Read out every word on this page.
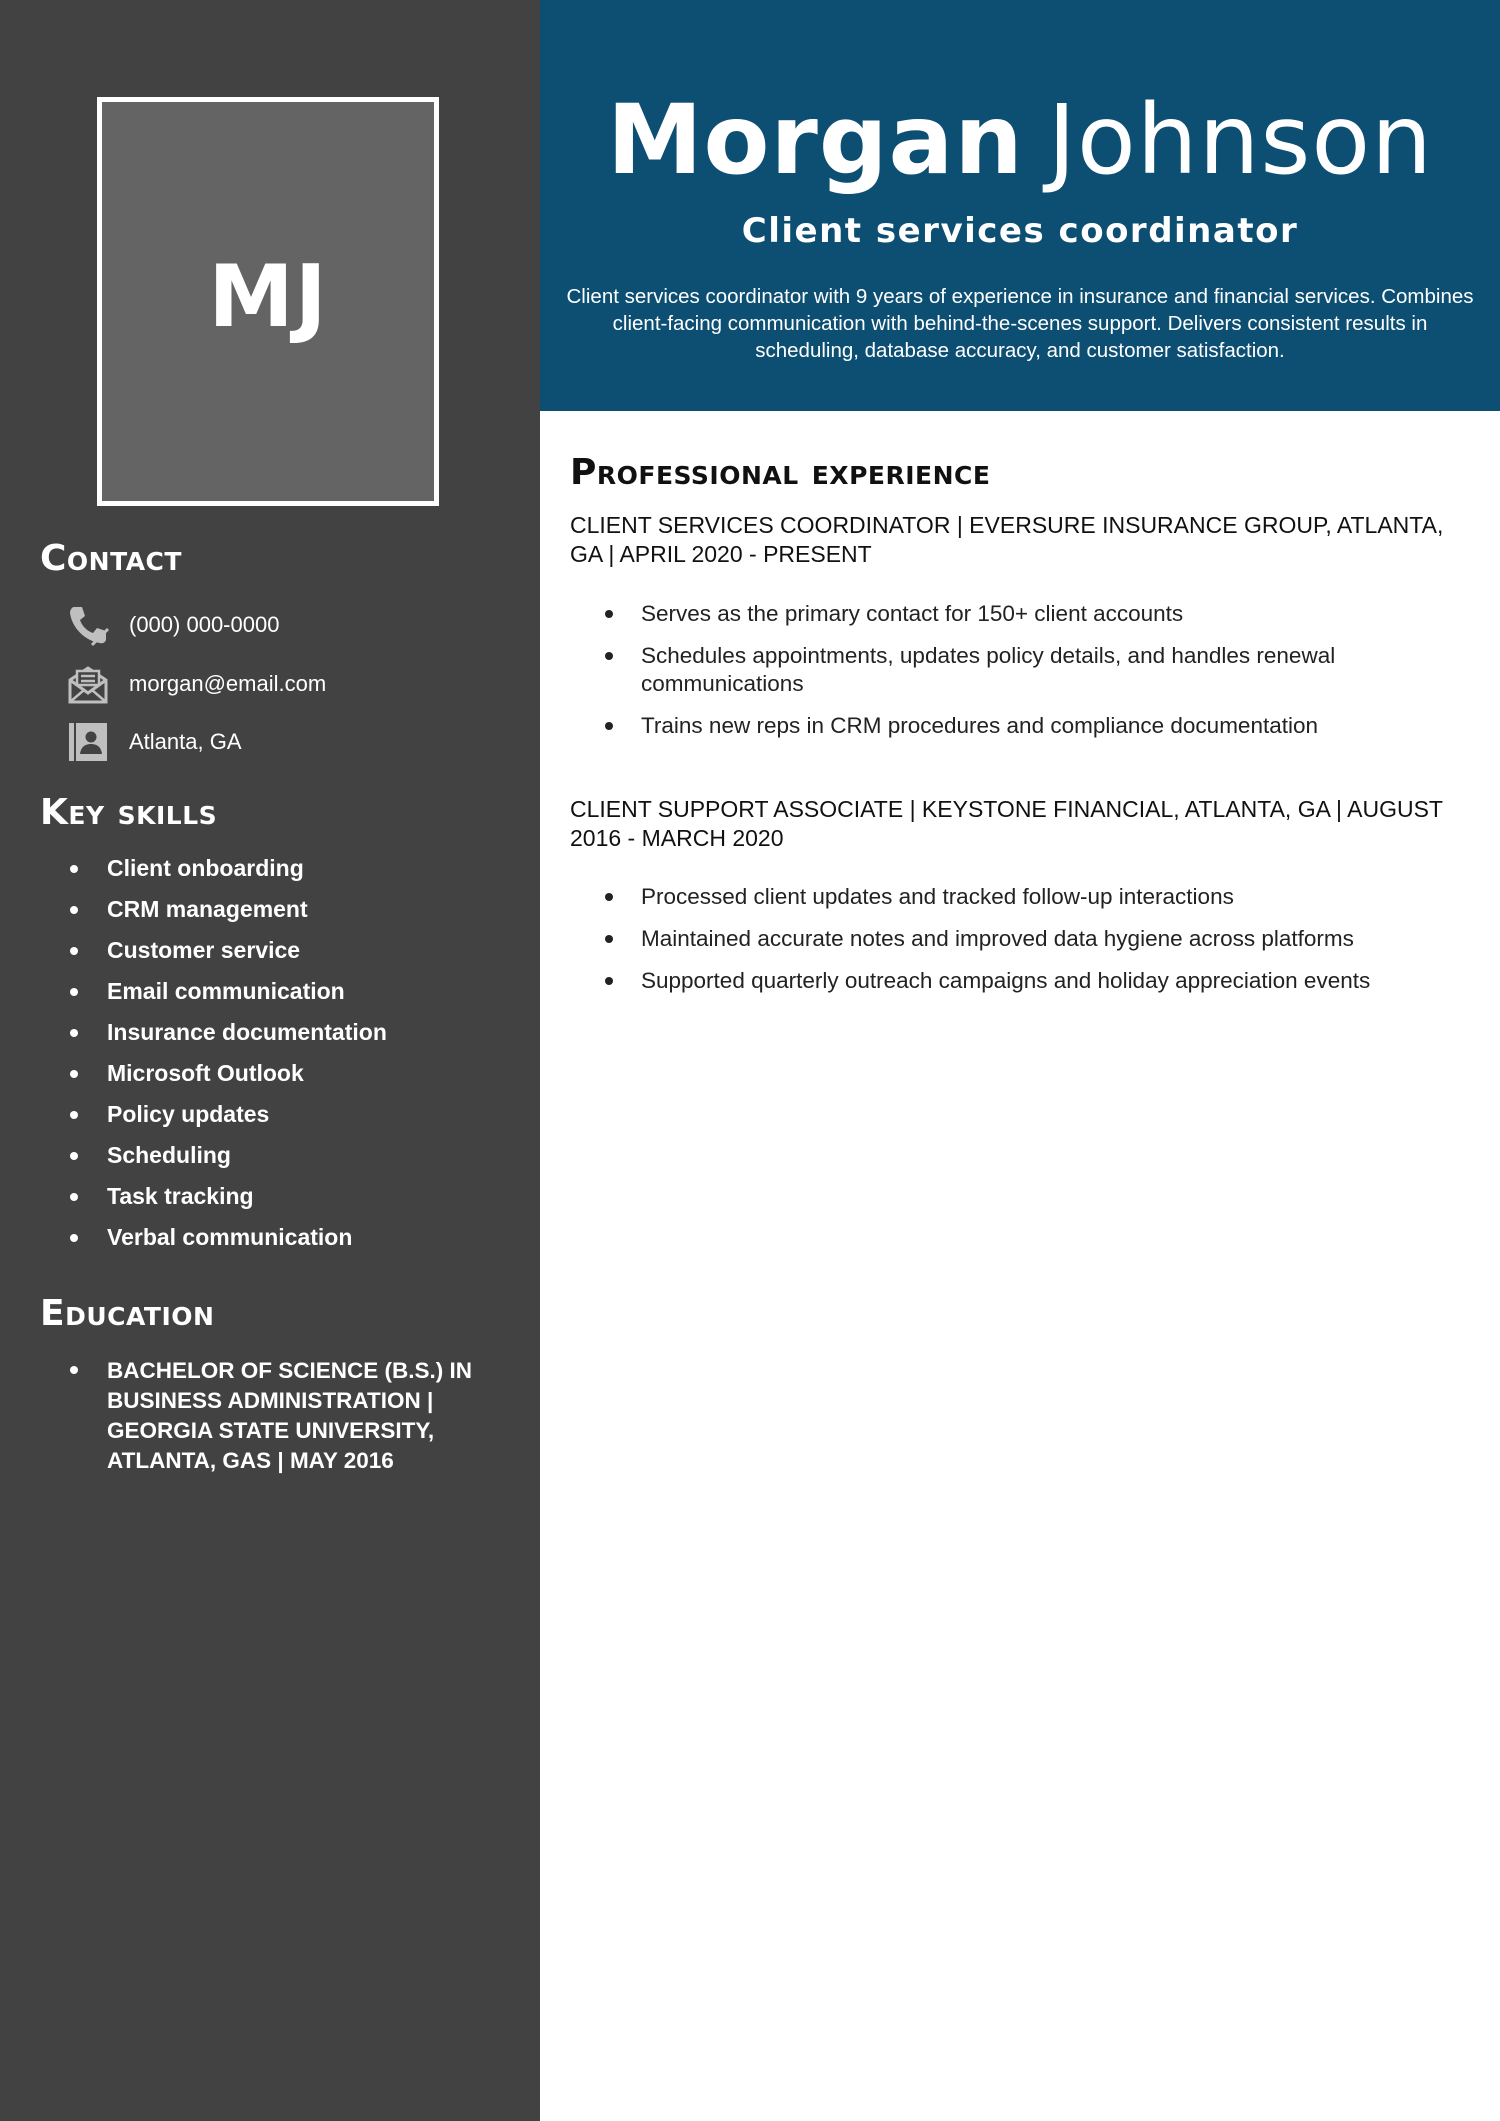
MJ
Contact
(000) 000-0000
morgan@email.com
Atlanta, GA
Key skills
Client onboarding
CRM management
Customer service
Email communication
Insurance documentation
Microsoft Outlook
Policy updates
Scheduling
Task tracking
Verbal communication
Education
BACHELOR OF SCIENCE (B.S.) IN BUSINESS ADMINISTRATION | GEORGIA STATE UNIVERSITY, ATLANTA, GAS | MAY 2016
Morgan Johnson
Client services coordinator
Client services coordinator with 9 years of experience in insurance and financial services. Combines client-facing communication with behind-the-scenes support. Delivers consistent results in scheduling, database accuracy, and customer satisfaction.
Professional experience
CLIENT SERVICES COORDINATOR | EVERSURE INSURANCE GROUP, ATLANTA, GA | APRIL 2020 - PRESENT
Serves as the primary contact for 150+ client accounts
Schedules appointments, updates policy details, and handles renewal communications
Trains new reps in CRM procedures and compliance documentation
CLIENT SUPPORT ASSOCIATE | KEYSTONE FINANCIAL, ATLANTA, GA | AUGUST 2016 - MARCH 2020
Processed client updates and tracked follow-up interactions
Maintained accurate notes and improved data hygiene across platforms
Supported quarterly outreach campaigns and holiday appreciation events
